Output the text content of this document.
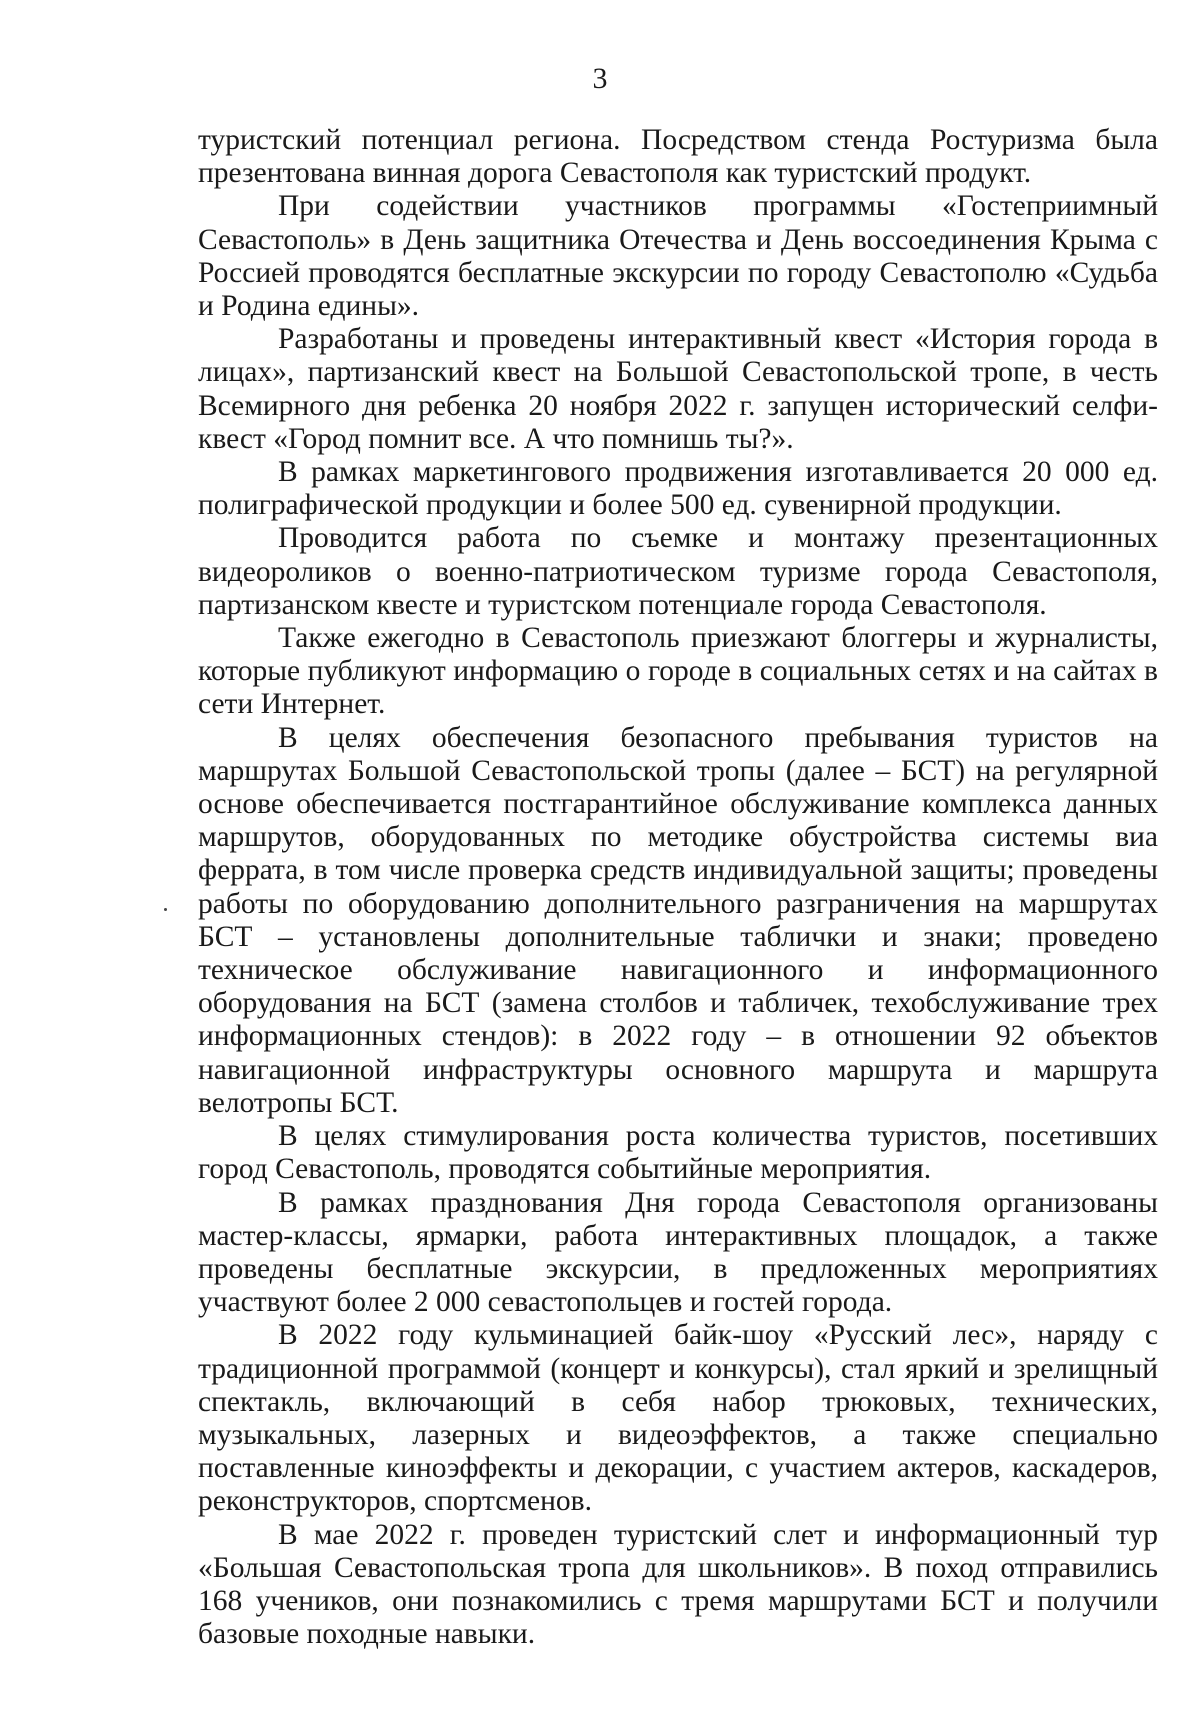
3

туристский потенциал региона. Посредством стенда Ростуризма была презентована винная дорога Севастополя как туристский продукт.

При содействии участников программы «Гостеприимный Севастополь» в День защитника Отечества и День воссоединения Крыма с Россией проводятся бесплатные экскурсии по городу Севастополю «Судьба и Родина едины».

Разработаны и проведены интерактивный квест «История города в лицах», партизанский квест на Большой Севастопольской тропе, в честь Всемирного дня ребенка 20 ноября 2022 г. запущен исторический селфи-квест «Город помнит все. А что помнишь ты?».

В рамках маркетингового продвижения изготавливается 20 000 ед. полиграфической продукции и более 500 ед. сувенирной продукции.

Проводится работа по съемке и монтажу презентационных видеороликов о военно-патриотическом туризме города Севастополя, партизанском квесте и туристском потенциале города Севастополя.

Также ежегодно в Севастополь приезжают блоггеры и журналисты, которые публикуют информацию о городе в социальных сетях и на сайтах в сети Интернет.

В целях обеспечения безопасного пребывания туристов на маршрутах Большой Севастопольской тропы (далее – БСТ) на регулярной основе обеспечивается постгарантийное обслуживание комплекса данных маршрутов, оборудованных по методике обустройства системы виа феррата, в том числе проверка средств индивидуальной защиты; проведены работы по оборудованию дополнительного разграничения на маршрутах БСТ – установлены дополнительные таблички и знаки; проведено техническое обслуживание навигационного и информационного оборудования на БСТ (замена столбов и табличек, техобслуживание трех информационных стендов): в 2022 году – в отношении 92 объектов навигационной инфраструктуры основного маршрута и маршрута велотропы БСТ.

В целях стимулирования роста количества туристов, посетивших город Севастополь, проводятся событийные мероприятия.

В рамках празднования Дня города Севастополя организованы мастер-классы, ярмарки, работа интерактивных площадок, а также проведены бесплатные экскурсии, в предложенных мероприятиях участвуют более 2 000 севастопольцев и гостей города.

В 2022 году кульминацией байк-шоу «Русский лес», наряду с традиционной программой (концерт и конкурсы), стал яркий и зрелищный спектакль, включающий в себя набор трюковых, технических, музыкальных, лазерных и видеоэффектов, а также специально поставленные киноэффекты и декорации, с участием актеров, каскадеров, реконструкторов, спортсменов.

В мае 2022 г. проведен туристский слет и информационный тур «Большая Севастопольская тропа для школьников». В поход отправились 168 учеников, они познакомились с тремя маршрутами БСТ и получили базовые походные навыки.
